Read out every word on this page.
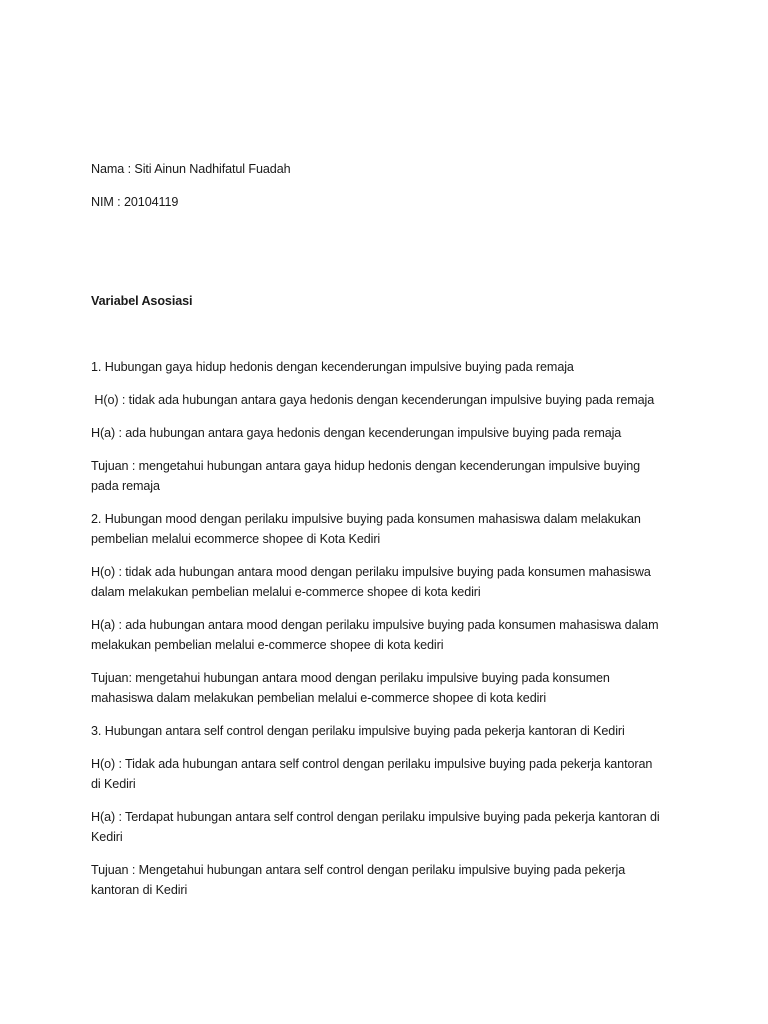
Nama : Siti Ainun Nadhifatul Fuadah

NIM : 20104119

Variabel Asosiasi

1. Hubungan gaya hidup hedonis dengan kecenderungan impulsive buying pada remaja

H(o) : tidak ada hubungan antara gaya hedonis dengan kecenderungan impulsive buying pada remaja

H(a) : ada hubungan antara gaya hedonis dengan kecenderungan impulsive buying pada remaja

Tujuan : mengetahui hubungan antara gaya hidup hedonis dengan kecenderungan impulsive buying

pada remaja

2. Hubungan mood dengan perilaku impulsive buying pada konsumen mahasiswa dalam melakukan

pembelian melalui ecommerce shopee di Kota Kediri

H(o) : tidak ada hubungan antara mood dengan perilaku impulsive buying pada konsumen mahasiswa

dalam melakukan pembelian melalui e-commerce shopee di kota kediri

H(a) : ada hubungan antara mood dengan perilaku impulsive buying pada konsumen mahasiswa dalam

melakukan pembelian melalui e-commerce shopee di kota kediri

Tujuan: mengetahui hubungan antara mood dengan perilaku impulsive buying pada konsumen

mahasiswa dalam melakukan pembelian melalui e-commerce shopee di kota kediri

3. Hubungan antara self control dengan perilaku impulsive buying pada pekerja kantoran di Kediri

H(o) : Tidak ada hubungan antara self control dengan perilaku impulsive buying pada pekerja kantoran

di Kediri

H(a) : Terdapat hubungan antara self control dengan perilaku impulsive buying pada pekerja kantoran di

Kediri

Tujuan : Mengetahui hubungan antara self control dengan perilaku impulsive buying pada pekerja

kantoran di Kediri
